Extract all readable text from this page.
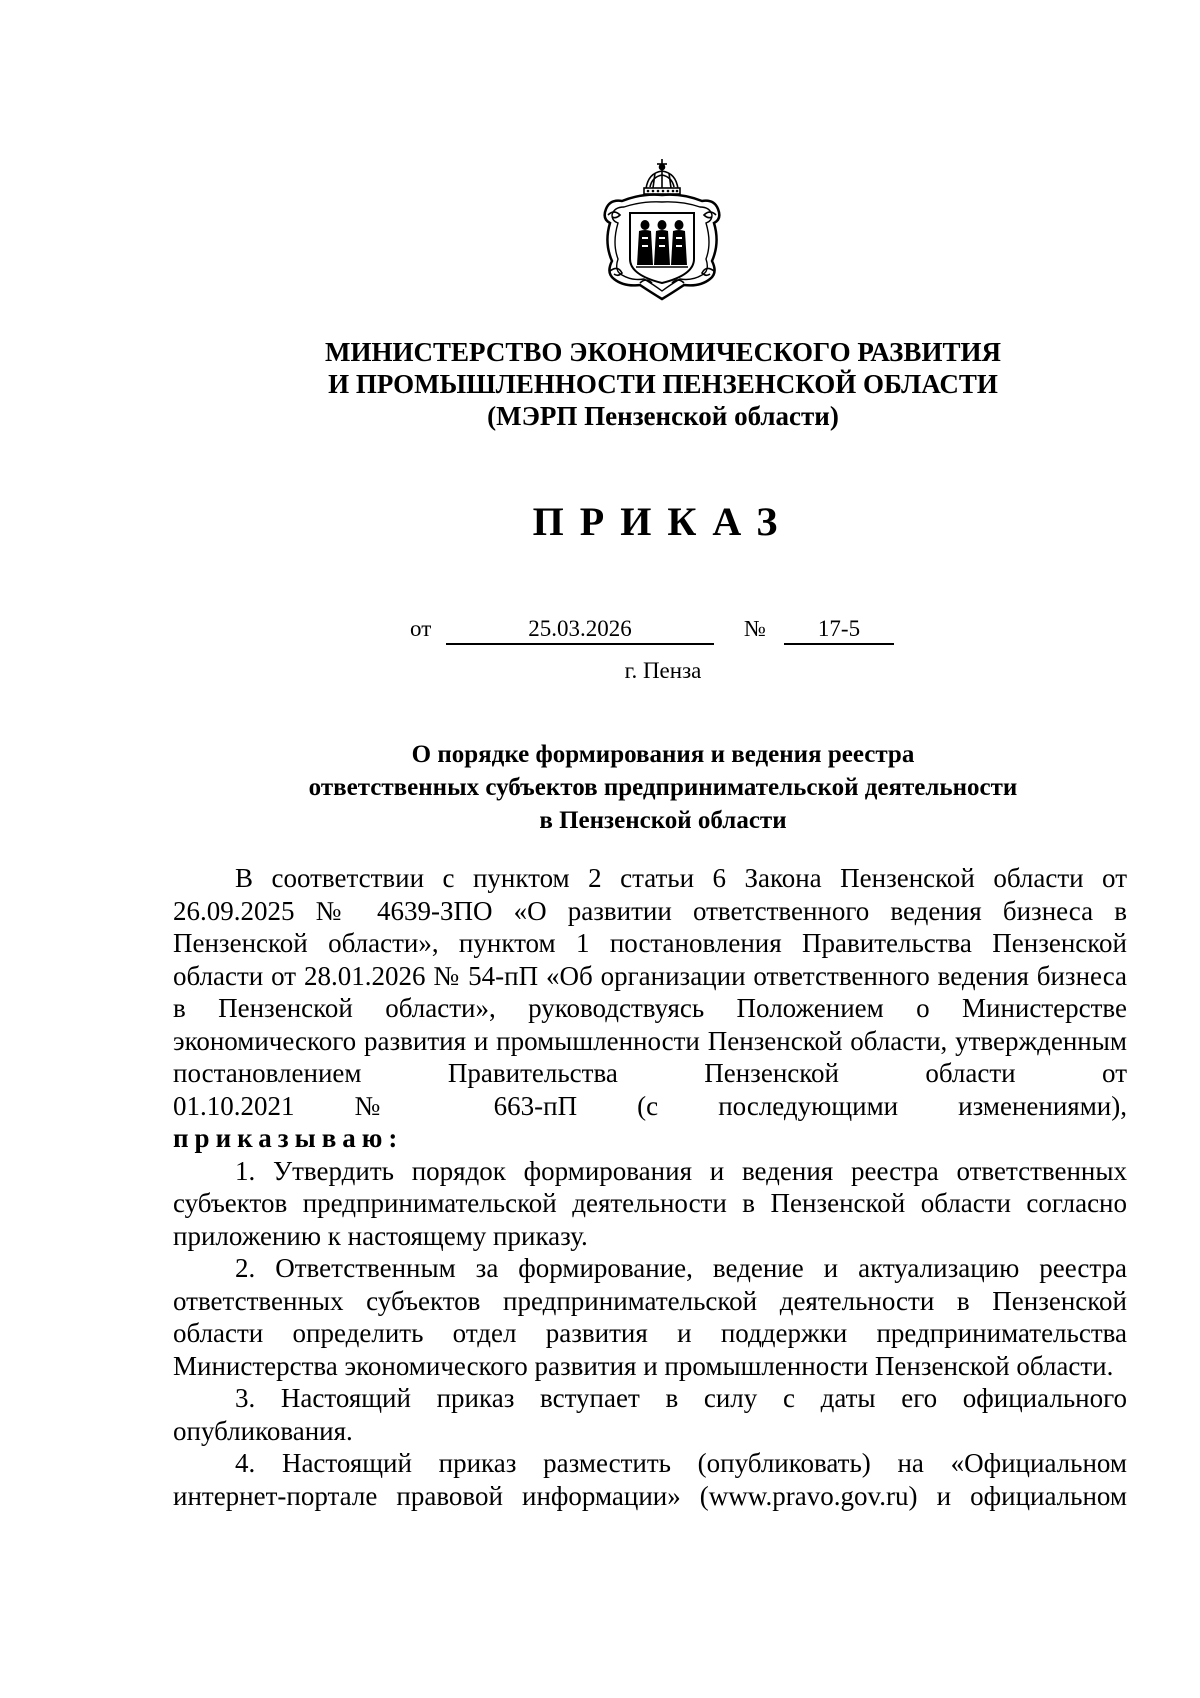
МИНИСТЕРСТВО ЭКОНОМИЧЕСКОГО РАЗВИТИЯ
И ПРОМЫШЛЕННОСТИ ПЕНЗЕНСКОЙ ОБЛАСТИ
(МЭРП Пензенской области)
ПРИКАЗ
от	25.03.2026	№	17-5
г. Пенза
О порядке формирования и ведения реестра
ответственных субъектов предпринимательской деятельности
в Пензенской области

В соответствии с пунктом 2 статьи 6 Закона Пензенской области от 26.09.2025 № 4639-ЗПО «О развитии ответственного ведения бизнеса в Пензенской области», пунктом 1 постановления Правительства Пензенской области от 28.01.2026 № 54-пП «Об организации ответственного ведения бизнеса в Пензенской области», руководствуясь Положением о Министерстве экономического развития и промышленности Пензенской области, утвержденным постановлением Правительства Пензенской области от

01.10.2021 № 663-пП (с последующими изменениями),

приказываю:

1. Утвердить порядок формирования и ведения реестра ответственных субъектов предпринимательской деятельности в Пензенской области согласно приложению к настоящему приказу.

2. Ответственным за формирование, ведение и актуализацию реестра ответственных субъектов предпринимательской деятельности в Пензенской области определить отдел развития и поддержки предпринимательства Министерства экономического развития и промышленности Пензенской области.

3. Настоящий приказ вступает в силу с даты его официального опубликования.

4. Настоящий приказ разместить (опубликовать) на «Официальном интернет-портале правовой информации» (www.pravo.gov.ru) и официальном
